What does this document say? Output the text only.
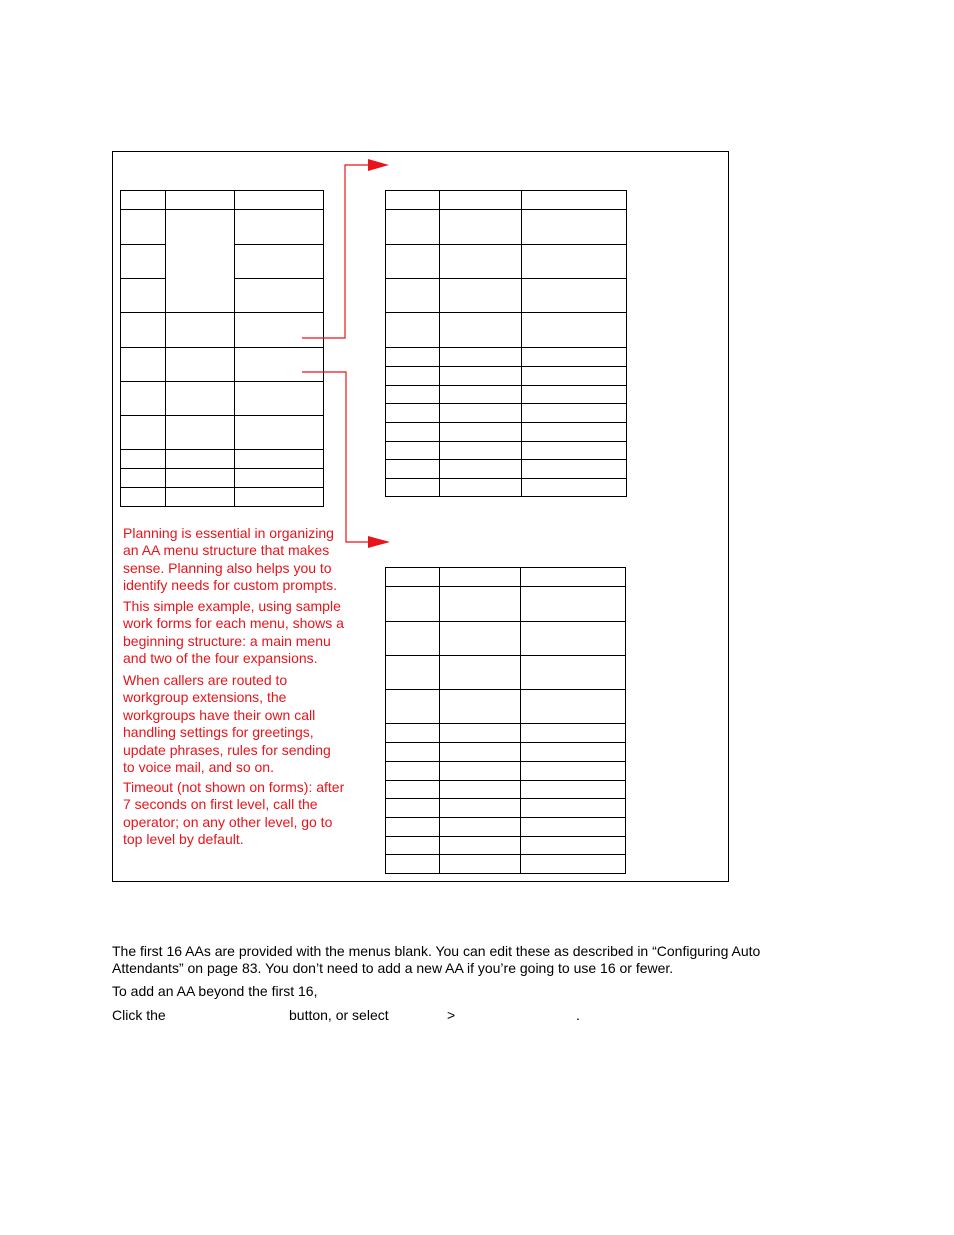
Planning is essential in organizing an AA menu structure that makes sense. Planning also helps you to identify needs for custom prompts.

This simple example, using sample work forms for each menu, shows a beginning structure: a main menu and two of the four expansions.

When callers are routed to workgroup extensions, the workgroups have their own call handling settings for greetings, update phrases, rules for sending to voice mail, and so on.

Timeout (not shown on forms): after 7 seconds on first level, call the operator; on any other level, go to top level by default.

The first 16 AAs are provided with the menus blank. You can edit these as described in “Configuring Auto Attendants” on page 83. You don’t need to add a new AA if you’re going to use 16 or fewer.

To add an AA beyond the first 16,

Click the	button, or select	>	.
